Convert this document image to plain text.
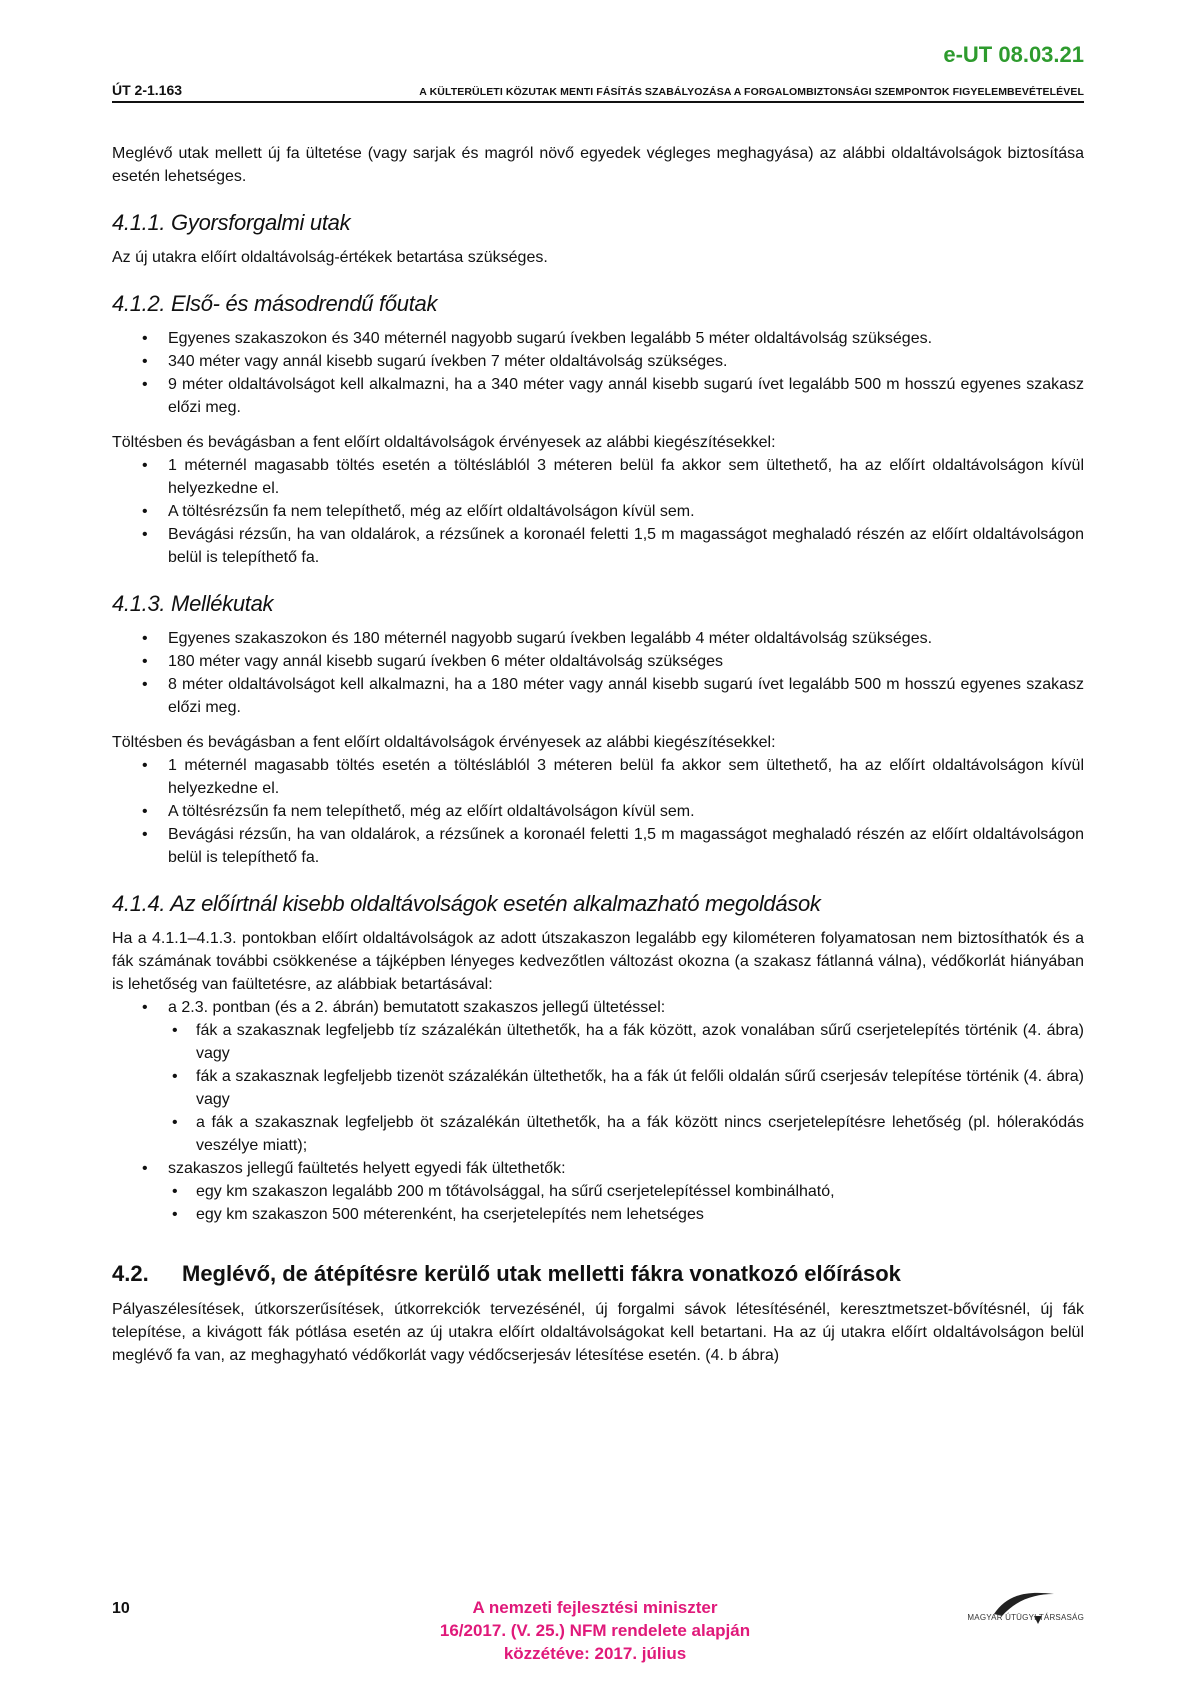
e-UT 08.03.21
ÚT 2-1.163	A KÜLTERÜLETI KÖZUTAK MENTI FÁSÍTÁS SZABÁLYOZÁSA A FORGALOMBIZTONSÁGI SZEMPONTOK FIGYELEMBEVÉTELÉVEL

Meglévő utak mellett új fa ültetése (vagy sarjak és magról növő egyedek végleges meghagyása) az alábbi oldaltávolságok biztosítása esetén lehetséges.

4.1.1. Gyorsforgalmi utak

Az új utakra előírt oldaltávolság-értékek betartása szükséges.

4.1.2. Első- és másodrendű főutak
• Egyenes szakaszokon és 340 méternél nagyobb sugarú ívekben legalább 5 méter oldaltávolság szükséges.
• 340 méter vagy annál kisebb sugarú ívekben 7 méter oldaltávolság szükséges.
• 9 méter oldaltávolságot kell alkalmazni, ha a 340 méter vagy annál kisebb sugarú ívet legalább 500 m hosszú egyenes szakasz előzi meg.

Töltésben és bevágásban a fent előírt oldaltávolságok érvényesek az alábbi kiegészítésekkel:

• 1 méternél magasabb töltés esetén a töltésláblól 3 méteren belül fa akkor sem ültethető, ha az előírt oldaltávolságon kívül helyezkedne el.
• A töltésrézsűn fa nem telepíthető, még az előírt oldaltávolságon kívül sem.
• Bevágási rézsűn, ha van oldalárok, a rézsűnek a koronaél feletti 1,5 m magasságot meghaladó részén az előírt oldaltávolságon belül is telepíthető fa.
4.1.3. Mellékutak
• Egyenes szakaszokon és 180 méternél nagyobb sugarú ívekben legalább 4 méter oldaltávolság szükséges.
• 180 méter vagy annál kisebb sugarú ívekben 6 méter oldaltávolság szükséges
• 8 méter oldaltávolságot kell alkalmazni, ha a 180 méter vagy annál kisebb sugarú ívet legalább 500 m hosszú egyenes szakasz előzi meg.

Töltésben és bevágásban a fent előírt oldaltávolságok érvényesek az alábbi kiegészítésekkel:

• 1 méternél magasabb töltés esetén a töltésláblól 3 méteren belül fa akkor sem ültethető, ha az előírt oldaltávolságon kívül helyezkedne el.
• A töltésrézsűn fa nem telepíthető, még az előírt oldaltávolságon kívül sem.
• Bevágási rézsűn, ha van oldalárok, a rézsűnek a koronaél feletti 1,5 m magasságot meghaladó részén az előírt oldaltávolságon belül is telepíthető fa.
4.1.4. Az előírtnál kisebb oldaltávolságok esetén alkalmazható megoldások

Ha a 4.1.1–4.1.3. pontokban előírt oldaltávolságok az adott útszakaszon legalább egy kilométeren folyamatosan nem biztosíthatók és a fák számának további csökkenése a tájképben lényeges kedvezőtlen változást okozna (a szakasz fátlanná válna), védőkorlát hiányában is lehetőség van faültetésre, az alábbiak betartásával:

• a 2.3. pontban (és a 2. ábrán) bemutatott szakaszos jellegű ültetéssel:
• fák a szakasznak legfeljebb tíz százalékán ültethetők, ha a fák között, azok vonalában sűrű cserjetelepítés történik (4. ábra) vagy
• fák a szakasznak legfeljebb tizenöt százalékán ültethetők, ha a fák út felőli oldalán sűrű cserjesáv telepítése történik (4. ábra) vagy
• a fák a szakasznak legfeljebb öt százalékán ültethetők, ha a fák között nincs cserjetelepítésre lehetőség (pl. hólerakódás veszélye miatt);
• szakaszos jellegű faültetés helyett egyedi fák ültethetők:
• egy km szakaszon legalább 200 m tőtávolsággal, ha sűrű cserjetelepítéssel kombinálható,
• egy km szakaszon 500 méterenként, ha cserjetelepítés nem lehetséges
4.2. Meglévő, de átépítésre kerülő utak melletti fákra vonatkozó előírások

Pályaszélesítések, útkorszerűsítések, útkorrekciók tervezésénél, új forgalmi sávok létesítésénél, keresztmetszet-bővítésnél, új fák telepítése, a kivágott fák pótlása esetén az új utakra előírt oldaltávolságokat kell betartani. Ha az új utakra előírt oldaltávolságon belül meglévő fa van, az meghagyható védőkorlát vagy védőcserjesáv létesítése esetén. (4. b ábra)

10	A nemzeti fejlesztési miniszter
16/2017. (V. 25.) NFM rendelete alapján
közzétéve: 2017. július
MAGYAR ÚTÜGYI TÁRSASÁG
